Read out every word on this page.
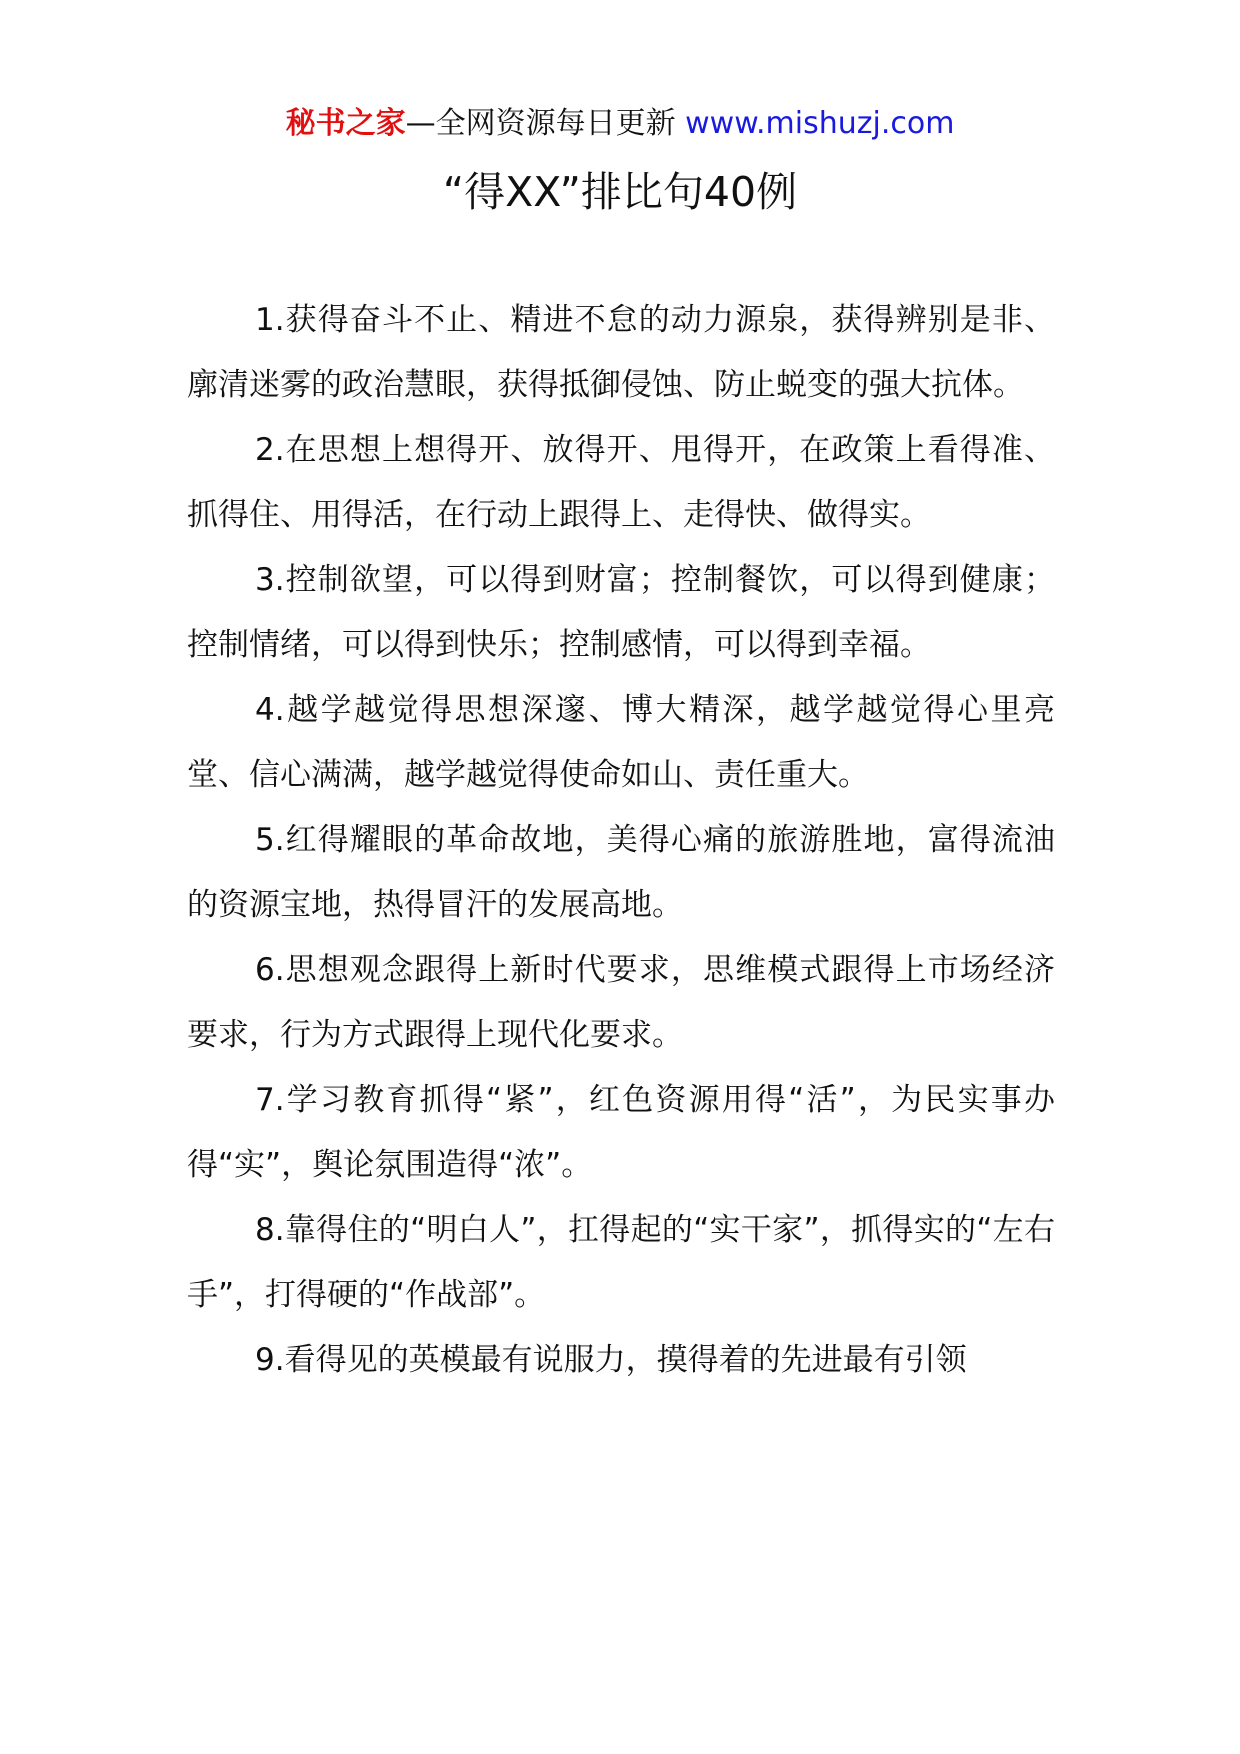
秘书之家—全网资源每日更新 www.mishuzj.com
“得XX”排比句40例

1.获得奋斗不止、精进不怠的动力源泉，获得辨别是非、廓清迷雾的政治慧眼，获得抵御侵蚀、防止蜕变的强大抗体。

2.在思想上想得开、放得开、甩得开，在政策上看得准、抓得住、用得活，在行动上跟得上、走得快、做得实。

3.控制欲望，可以得到财富；控制餐饮，可以得到健康；控制情绪，可以得到快乐；控制感情，可以得到幸福。

4.越学越觉得思想深邃、博大精深，越学越觉得心里亮堂、信心满满，越学越觉得使命如山、责任重大。

5.红得耀眼的革命故地，美得心痛的旅游胜地，富得流油的资源宝地，热得冒汗的发展高地。

6.思想观念跟得上新时代要求，思维模式跟得上市场经济要求，行为方式跟得上现代化要求。

7.学习教育抓得“紧”，红色资源用得“活”，为民实事办得“实”，舆论氛围造得“浓”。

8.靠得住的“明白人”，扛得起的“实干家”，抓得实的“左右手”，打得硬的“作战部”。

9.看得见的英模最有说服力，摸得着的先进最有引领
